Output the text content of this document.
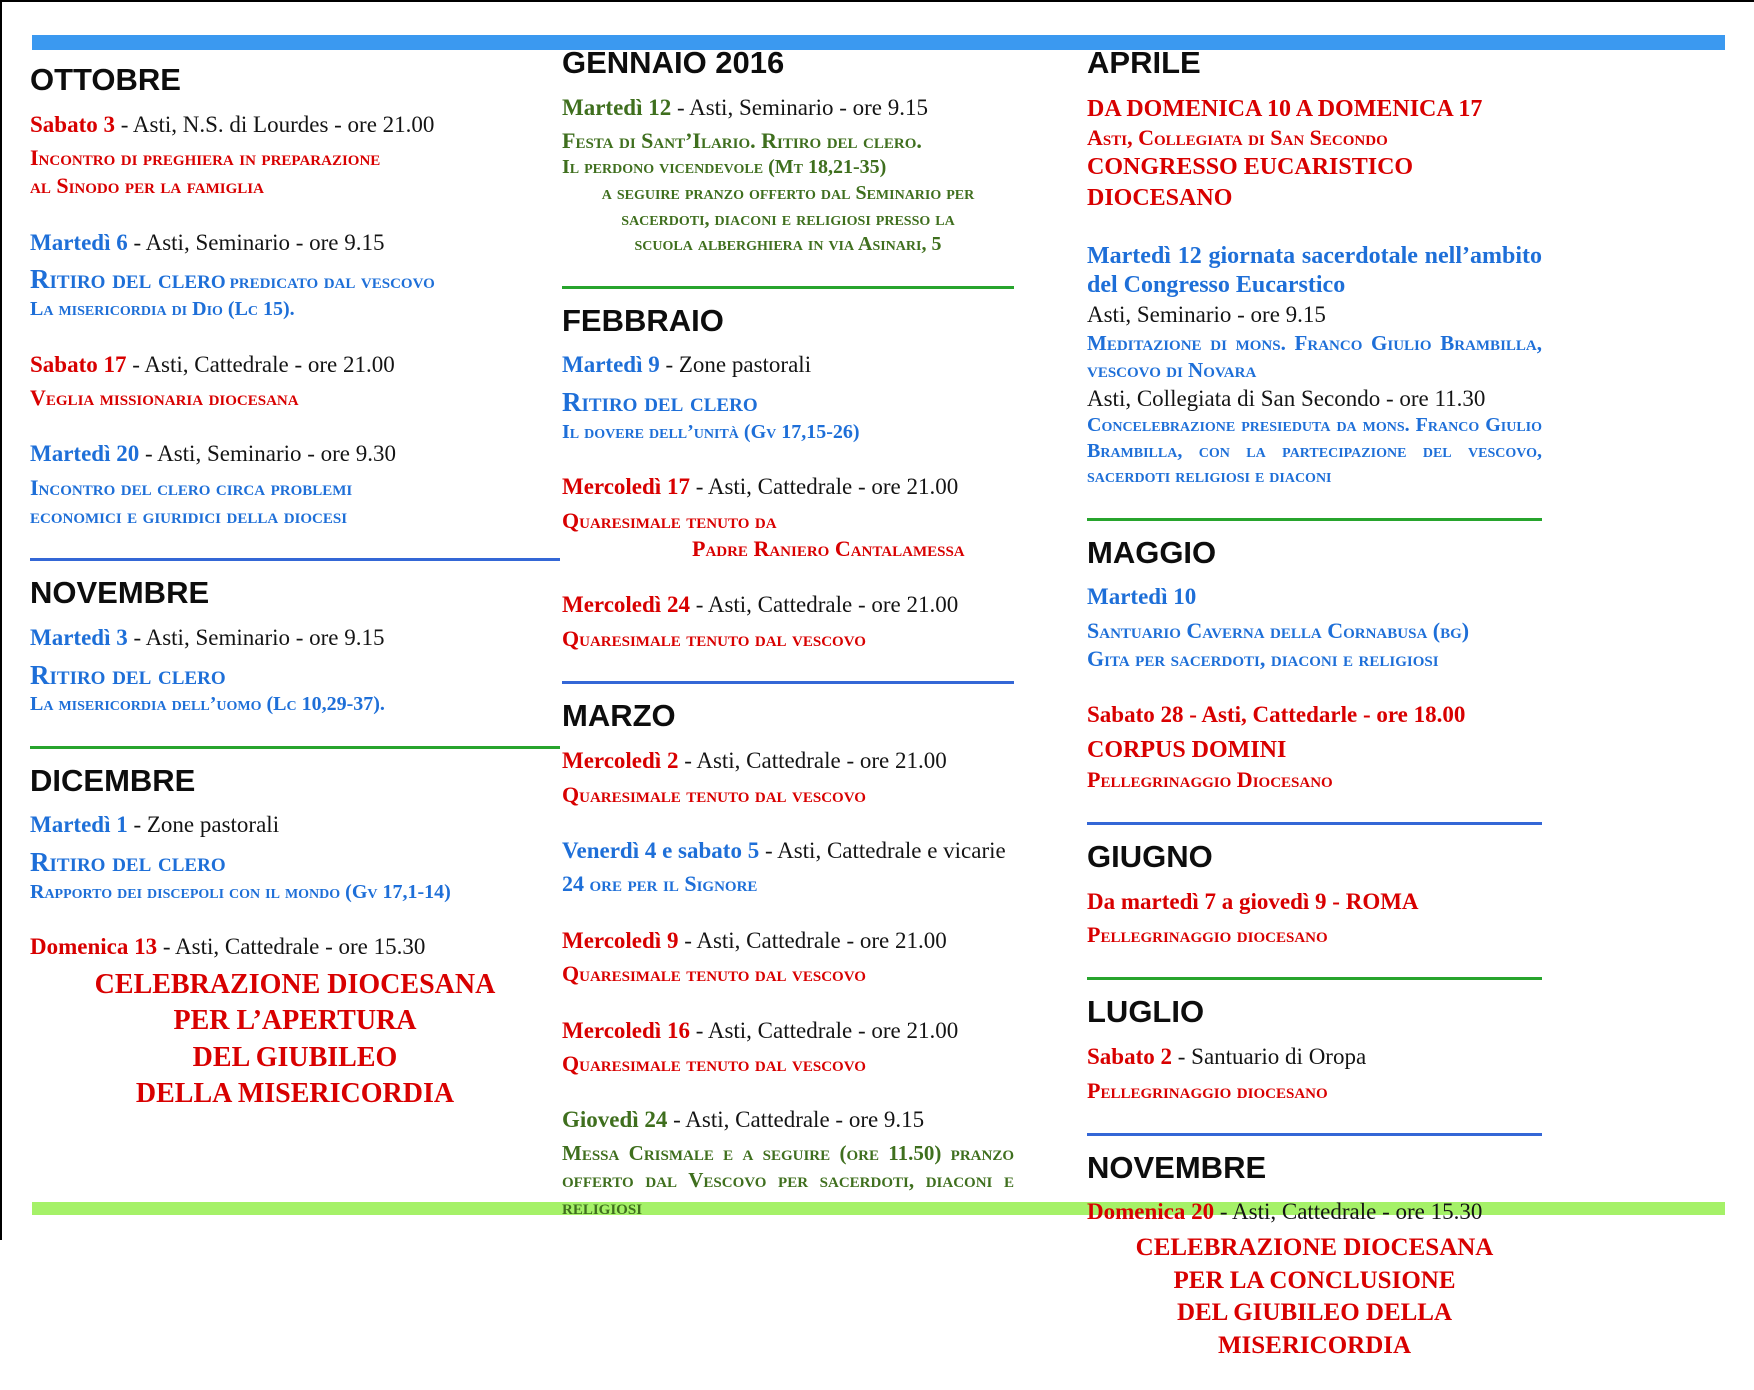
OTTOBRE

Sabato 3 - Asti, N.S. di Lourdes - ore 21.00

Incontro di preghiera in preparazione
al Sinodo per la famiglia

Martedì 6 - Asti, Seminario - ore 9.15

Ritiro del clero predicato dal vescovo
La misericordia di Dio (Lc 15).

Sabato 17 - Asti, Cattedrale - ore 21.00

Veglia missionaria diocesana

Martedì 20 - Asti, Seminario - ore 9.30

Incontro del clero circa problemi
economici e giuridici della diocesi
NOVEMBRE

Martedì 3 - Asti, Seminario - ore 9.15

Ritiro del clero
La misericordia dell’uomo (Lc 10,29-37).
DICEMBRE

Martedì 1 - Zone pastorali

Ritiro del clero
Rapporto dei discepoli con il mondo (Gv 17,1-14)

Domenica 13 - Asti, Cattedrale - ore 15.30

CELEBRAZIONE DIOCESANA
PER L’APERTURA
DEL GIUBILEO
DELLA MISERICORDIA
GENNAIO 2016

Martedì 12 - Asti, Seminario - ore 9.15

Festa di Sant’Ilario. Ritiro del clero.
Il perdono vicendevole (Mt 18,21-35)
a seguire pranzo offerto dal Seminario per
sacerdoti, diaconi e religiosi presso la
scuola alberghiera in via Asinari, 5
FEBBRAIO

Martedì 9 - Zone pastorali

Ritiro del clero
Il dovere dell’unità (Gv 17,15-26)

Mercoledì 17 - Asti, Cattedrale - ore 21.00

Quaresimale tenuto da
Padre Raniero Cantalamessa

Mercoledì 24 - Asti, Cattedrale - ore 21.00

Quaresimale tenuto dal vescovo
MARZO

Mercoledì 2 - Asti, Cattedrale - ore 21.00

Quaresimale tenuto dal vescovo

Venerdì 4 e sabato 5 - Asti, Cattedrale e vicarie

24 ore per il Signore

Mercoledì 9 - Asti, Cattedrale - ore 21.00

Quaresimale tenuto dal vescovo

Mercoledì 16 - Asti, Cattedrale - ore 21.00

Quaresimale tenuto dal vescovo

Giovedì 24 - Asti, Cattedrale - ore 9.15

Messa Crismale e a seguire (ore 11.50) pranzo offerto dal Vescovo per sacerdoti, diaconi e religiosi
APRILE
DA DOMENICA 10 A DOMENICA 17
Asti, Collegiata di San Secondo
CONGRESSO EUCARISTICO DIOCESANO
Martedì 12 giornata sacerdotale nell’ambito del Congresso Eucarstico
Asti, Seminario - ore 9.15
Meditazione di mons. Franco Giulio Brambilla, vescovo di Novara
Asti, Collegiata di San Secondo - ore 11.30
Concelebrazione presieduta da mons. Franco Giulio Brambilla, con la partecipazione del vescovo, sacerdoti religiosi e diaconi
MAGGIO

Martedì 10

Santuario Caverna della Cornabusa (bg)
Gita per sacerdoti, diaconi e religiosi

Sabato 28 - Asti, Cattedarle - ore 18.00

CORPUS DOMINI
Pellegrinaggio Diocesano
GIUGNO

Da martedì 7 a giovedì 9 - ROMA

Pellegrinaggio diocesano
LUGLIO

Sabato 2 - Santuario di Oropa

Pellegrinaggio diocesano
NOVEMBRE

Domenica 20 - Asti, Cattedrale - ore 15.30

CELEBRAZIONE DIOCESANA
PER LA CONCLUSIONE
DEL GIUBILEO DELLA MISERICORDIA
